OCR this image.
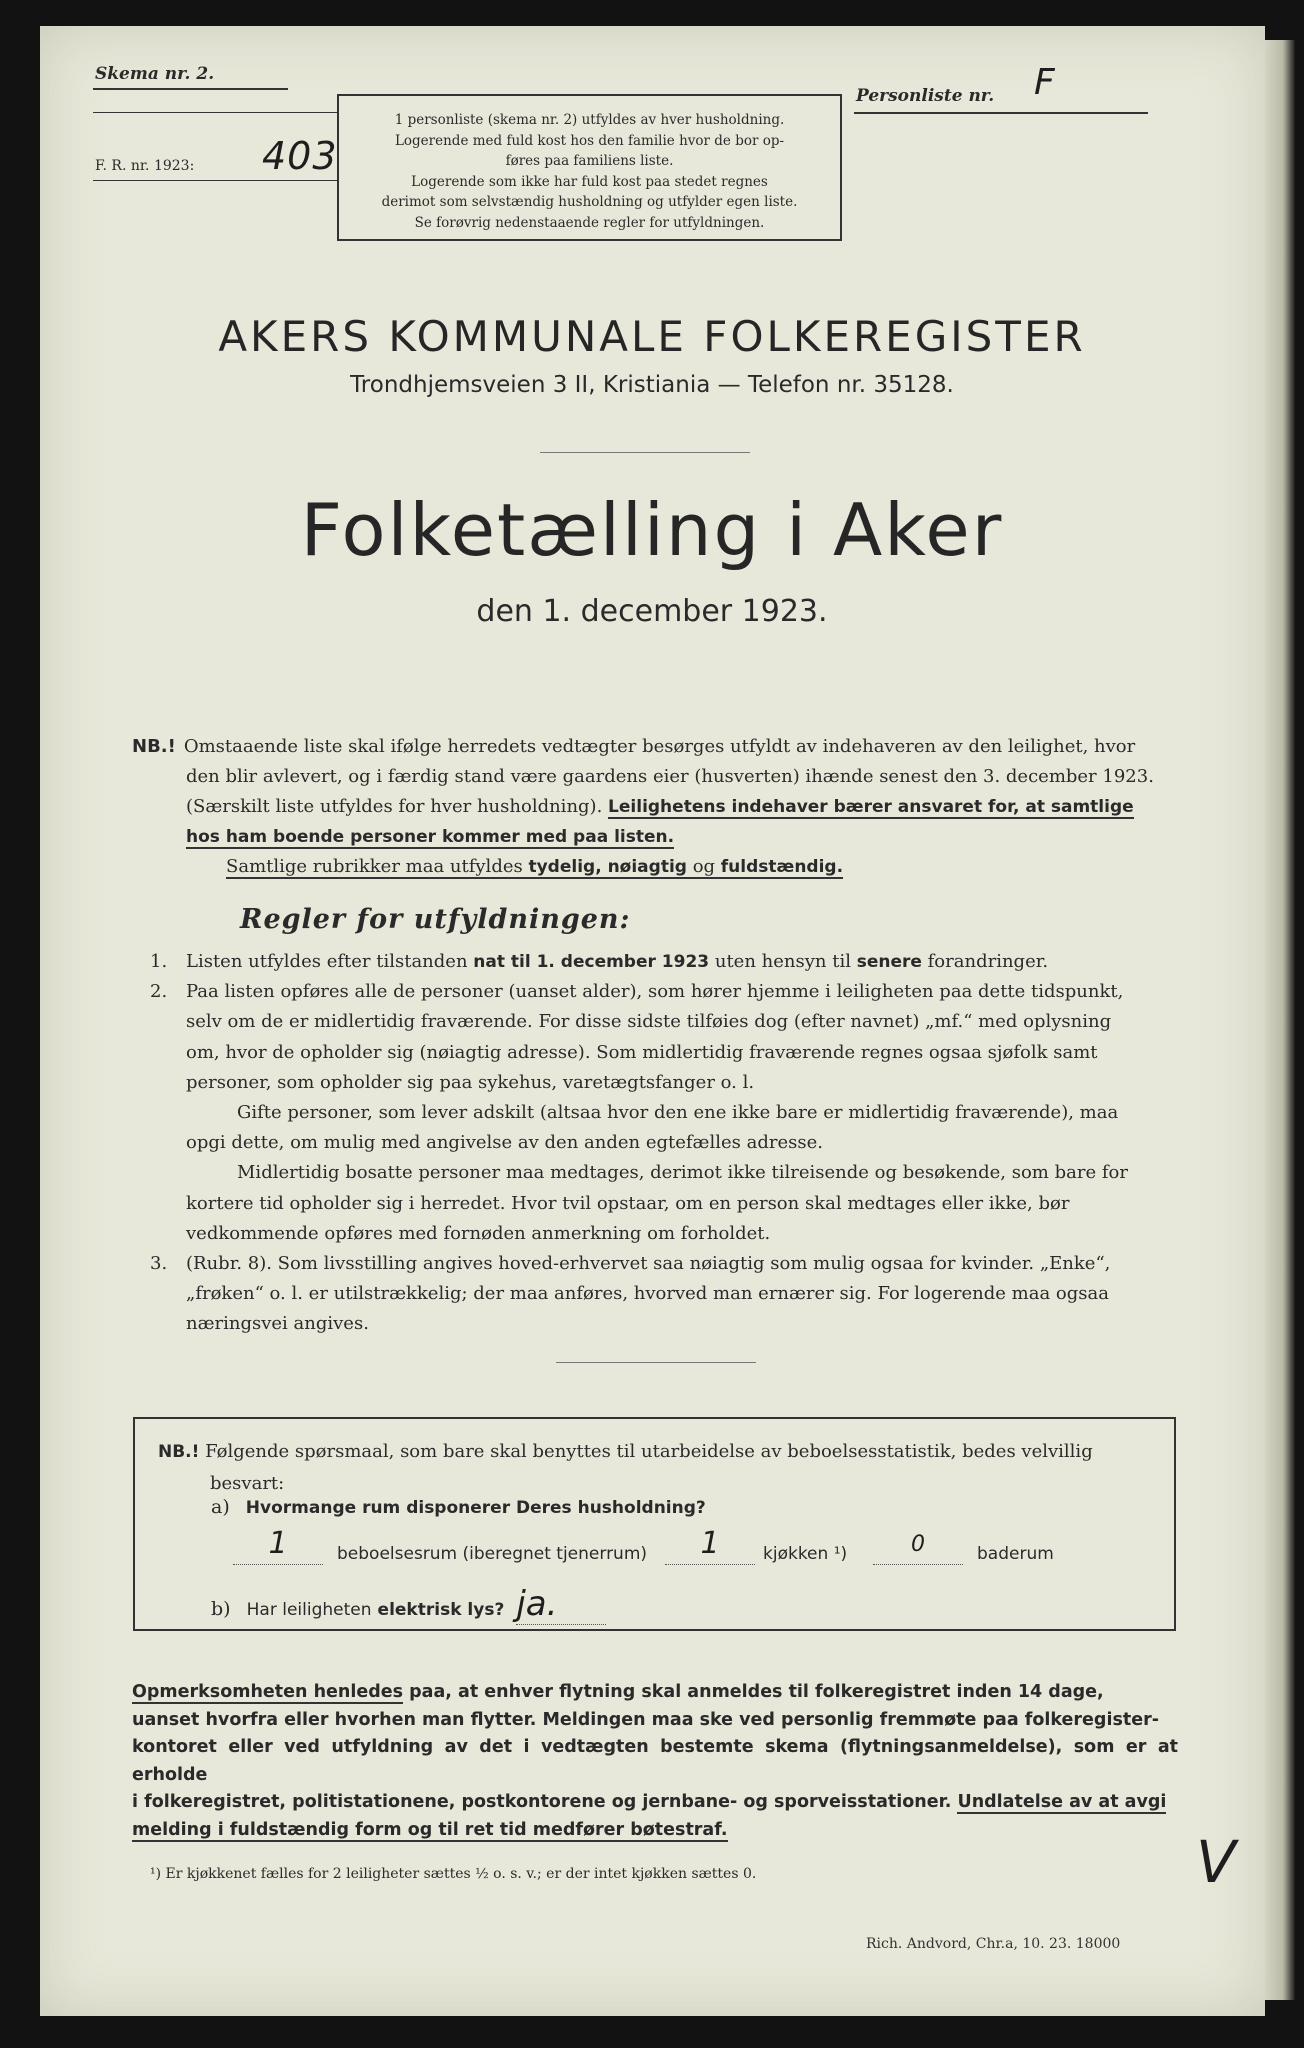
Skema nr. 2.
F. R. nr. 1923: 403
1 personliste (skema nr. 2) utfyldes av hver husholdning.
Logerende med fuld kost hos den familie hvor de bor op-
føres paa familiens liste.
Logerende som ikke har fuld kost paa stedet regnes
derimot som selvstændig husholdning og utfylder egen liste.
Se forøvrig nedenstaaende regler for utfyldningen.
Personliste nr. F
AKERS KOMMUNALE FOLKEREGISTER
Trondhjemsveien 3 II, Kristiania — Telefon nr. 35128.
Folketælling i Aker
den 1. december 1923.
NB.! Omstaaende liste skal ifølge herredets vedtægter besørges utfyldt av indehaveren av den leilighet, hvor
den blir avlevert, og i færdig stand være gaardens eier (husverten) ihænde senest den 3. december 1923.
(Særskilt liste utfyldes for hver husholdning). Leilighetens indehaver bærer ansvaret for, at samtlige
hos ham boende personer kommer med paa listen.
Samtlige rubrikker maa utfyldes tydelig, nøiagtig og fuldstændig.
Regler for utfyldningen:
1. Listen utfyldes efter tilstanden nat til 1. december 1923 uten hensyn til senere forandringer.
2. Paa listen opføres alle de personer (uanset alder), som hører hjemme i leiligheten paa dette tidspunkt,
selv om de er midlertidig fraværende. For disse sidste tilføies dog (efter navnet) „mf.“ med oplysning
om, hvor de opholder sig (nøiagtig adresse). Som midlertidig fraværende regnes ogsaa sjøfolk samt
personer, som opholder sig paa sykehus, varetægtsfanger o. l.
Gifte personer, som lever adskilt (altsaa hvor den ene ikke bare er midlertidig fraværende), maa
opgi dette, om mulig med angivelse av den anden egtefælles adresse.
Midlertidig bosatte personer maa medtages, derimot ikke tilreisende og besøkende, som bare for
kortere tid opholder sig i herredet. Hvor tvil opstaar, om en person skal medtages eller ikke, bør
vedkommende opføres med fornøden anmerkning om forholdet.
3. (Rubr. 8). Som livsstilling angives hoved-erhvervet saa nøiagtig som mulig ogsaa for kvinder. „Enke“,
„frøken“ o. l. er utilstrækkelig; der maa anføres, hvorved man ernærer sig. For logerende maa ogsaa
næringsvei angives.
NB.! Følgende spørsmaal, som bare skal benyttes til utarbeidelse av beboelsesstatistik, bedes velvillig
besvart:
a) Hvormange rum disponerer Deres husholdning?
1	beboelsesrum (iberegnet tjenerrum)	1	kjøkken ¹)	0	baderum
b) Har leiligheten elektrisk lys? ja.
Opmerksomheten henledes paa, at enhver flytning skal anmeldes til folkeregistret inden 14 dage,
uanset hvorfra eller hvorhen man flytter. Meldingen maa ske ved personlig fremmøte paa folkeregister-
kontoret eller ved utfyldning av det i vedtægten bestemte skema (flytningsanmeldelse), som er at erholde
i folkeregistret, politistationene, postkontorene og jernbane- og sporveisstationer. Undlatelse av at avgi
melding i fuldstændig form og til ret tid medfører bøtestraf.
¹) Er kjøkkenet fælles for 2 leiligheter sættes ½ o. s. v.; er der intet kjøkken sættes 0.
Rich. Andvord, Chr.a, 10. 23. 18000
V
